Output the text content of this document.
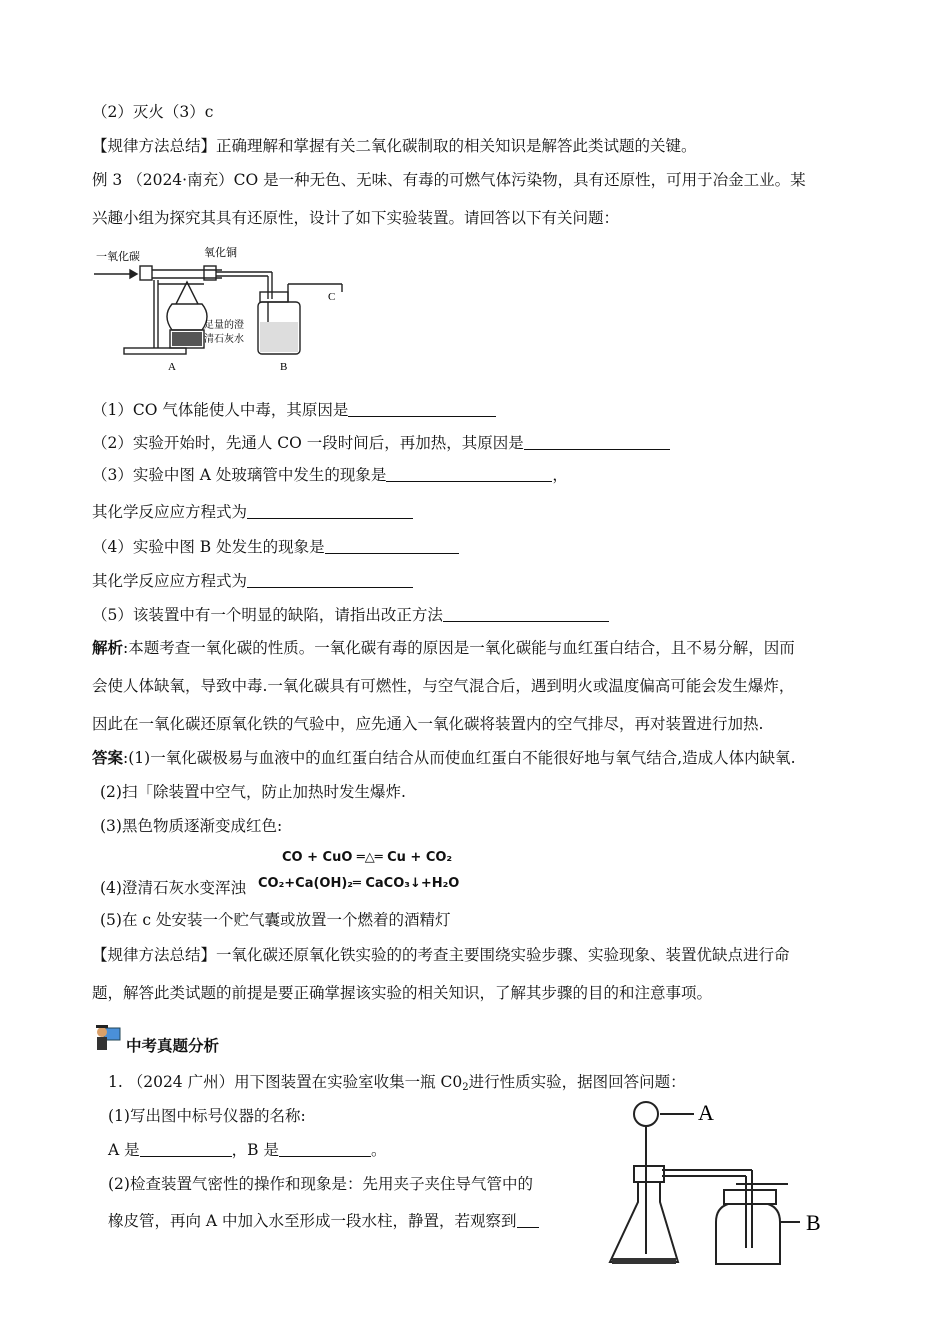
（2）灭火（3）c
【规律方法总结】正确理解和掌握有关二氧化碳制取的相关知识是解答此类试题的关键。
例 3 （2024·南充）CO 是一种无色、无味、有毒的可燃气体污染物，具有还原性，可用于冶金工业。某
兴趣小组为探究其具有还原性，设计了如下实验装置。请回答以下有关问题：
一氧化碳	氧化铜
C
足量的澄
清石灰水
A	B
（1）CO 气体能使人中毒，其原因是
（2）实验开始时，先通人 CO 一段时间后，再加热，其原因是
（3）实验中图 A 处玻璃管中发生的现象是	，
其化学反应应方程式为
（4）实验中图 B 处发生的现象是
其化学反应应方程式为
（5）该装置中有一个明显的缺陷，请指出改正方法
解析:本题考查一氧化碳的性质。一氧化碳有毒的原因是一氧化碳能与血红蛋白结合，且不易分解，因而
会使人体缺氧，导致中毒.一氧化碳具有可燃性，与空气混合后，遇到明火或温度偏高可能会发生爆炸，
因此在一氧化碳还原氧化铁的气验中，应先通入一氧化碳将装置内的空气排尽，再对装置进行加热.
答案:(1)一氧化碳极易与血液中的血红蛋白结合从而使血红蛋白不能很好地与氧气结合,造成人体内缺氧.
(2)扫「除装置中空气，防止加热时发生爆炸.
(3)黑色物质逐渐变成红色:
CO + CuO ═△═ Cu + CO₂
(4)澄清石灰水变浑浊 CO₂+Ca(OH)₂═ CaCO₃↓+H₂O
(5)在 c 处安装一个贮气囊或放置一个燃着的酒精灯
【规律方法总结】一氧化碳还原氧化铁实验的的考查主要围绕实验步骤、实验现象、装置优缺点进行命
题，解答此类试题的前提是要正确掌握该实验的相关知识，了解其步骤的目的和注意事项。
中考真题分析
1. （2024 广州）用下图装置在实验室收集一瓶 $C0_2$进行性质实验，据图回答问题：
(1)写出图中标号仪器的名称:
A 是	，B 是	。
(2)检查装置气密性的操作和现象是：先用夹子夹住导气管中的
橡皮管，再向 A 中加入水至形成一段水柱，静置，若观察到
A
B
